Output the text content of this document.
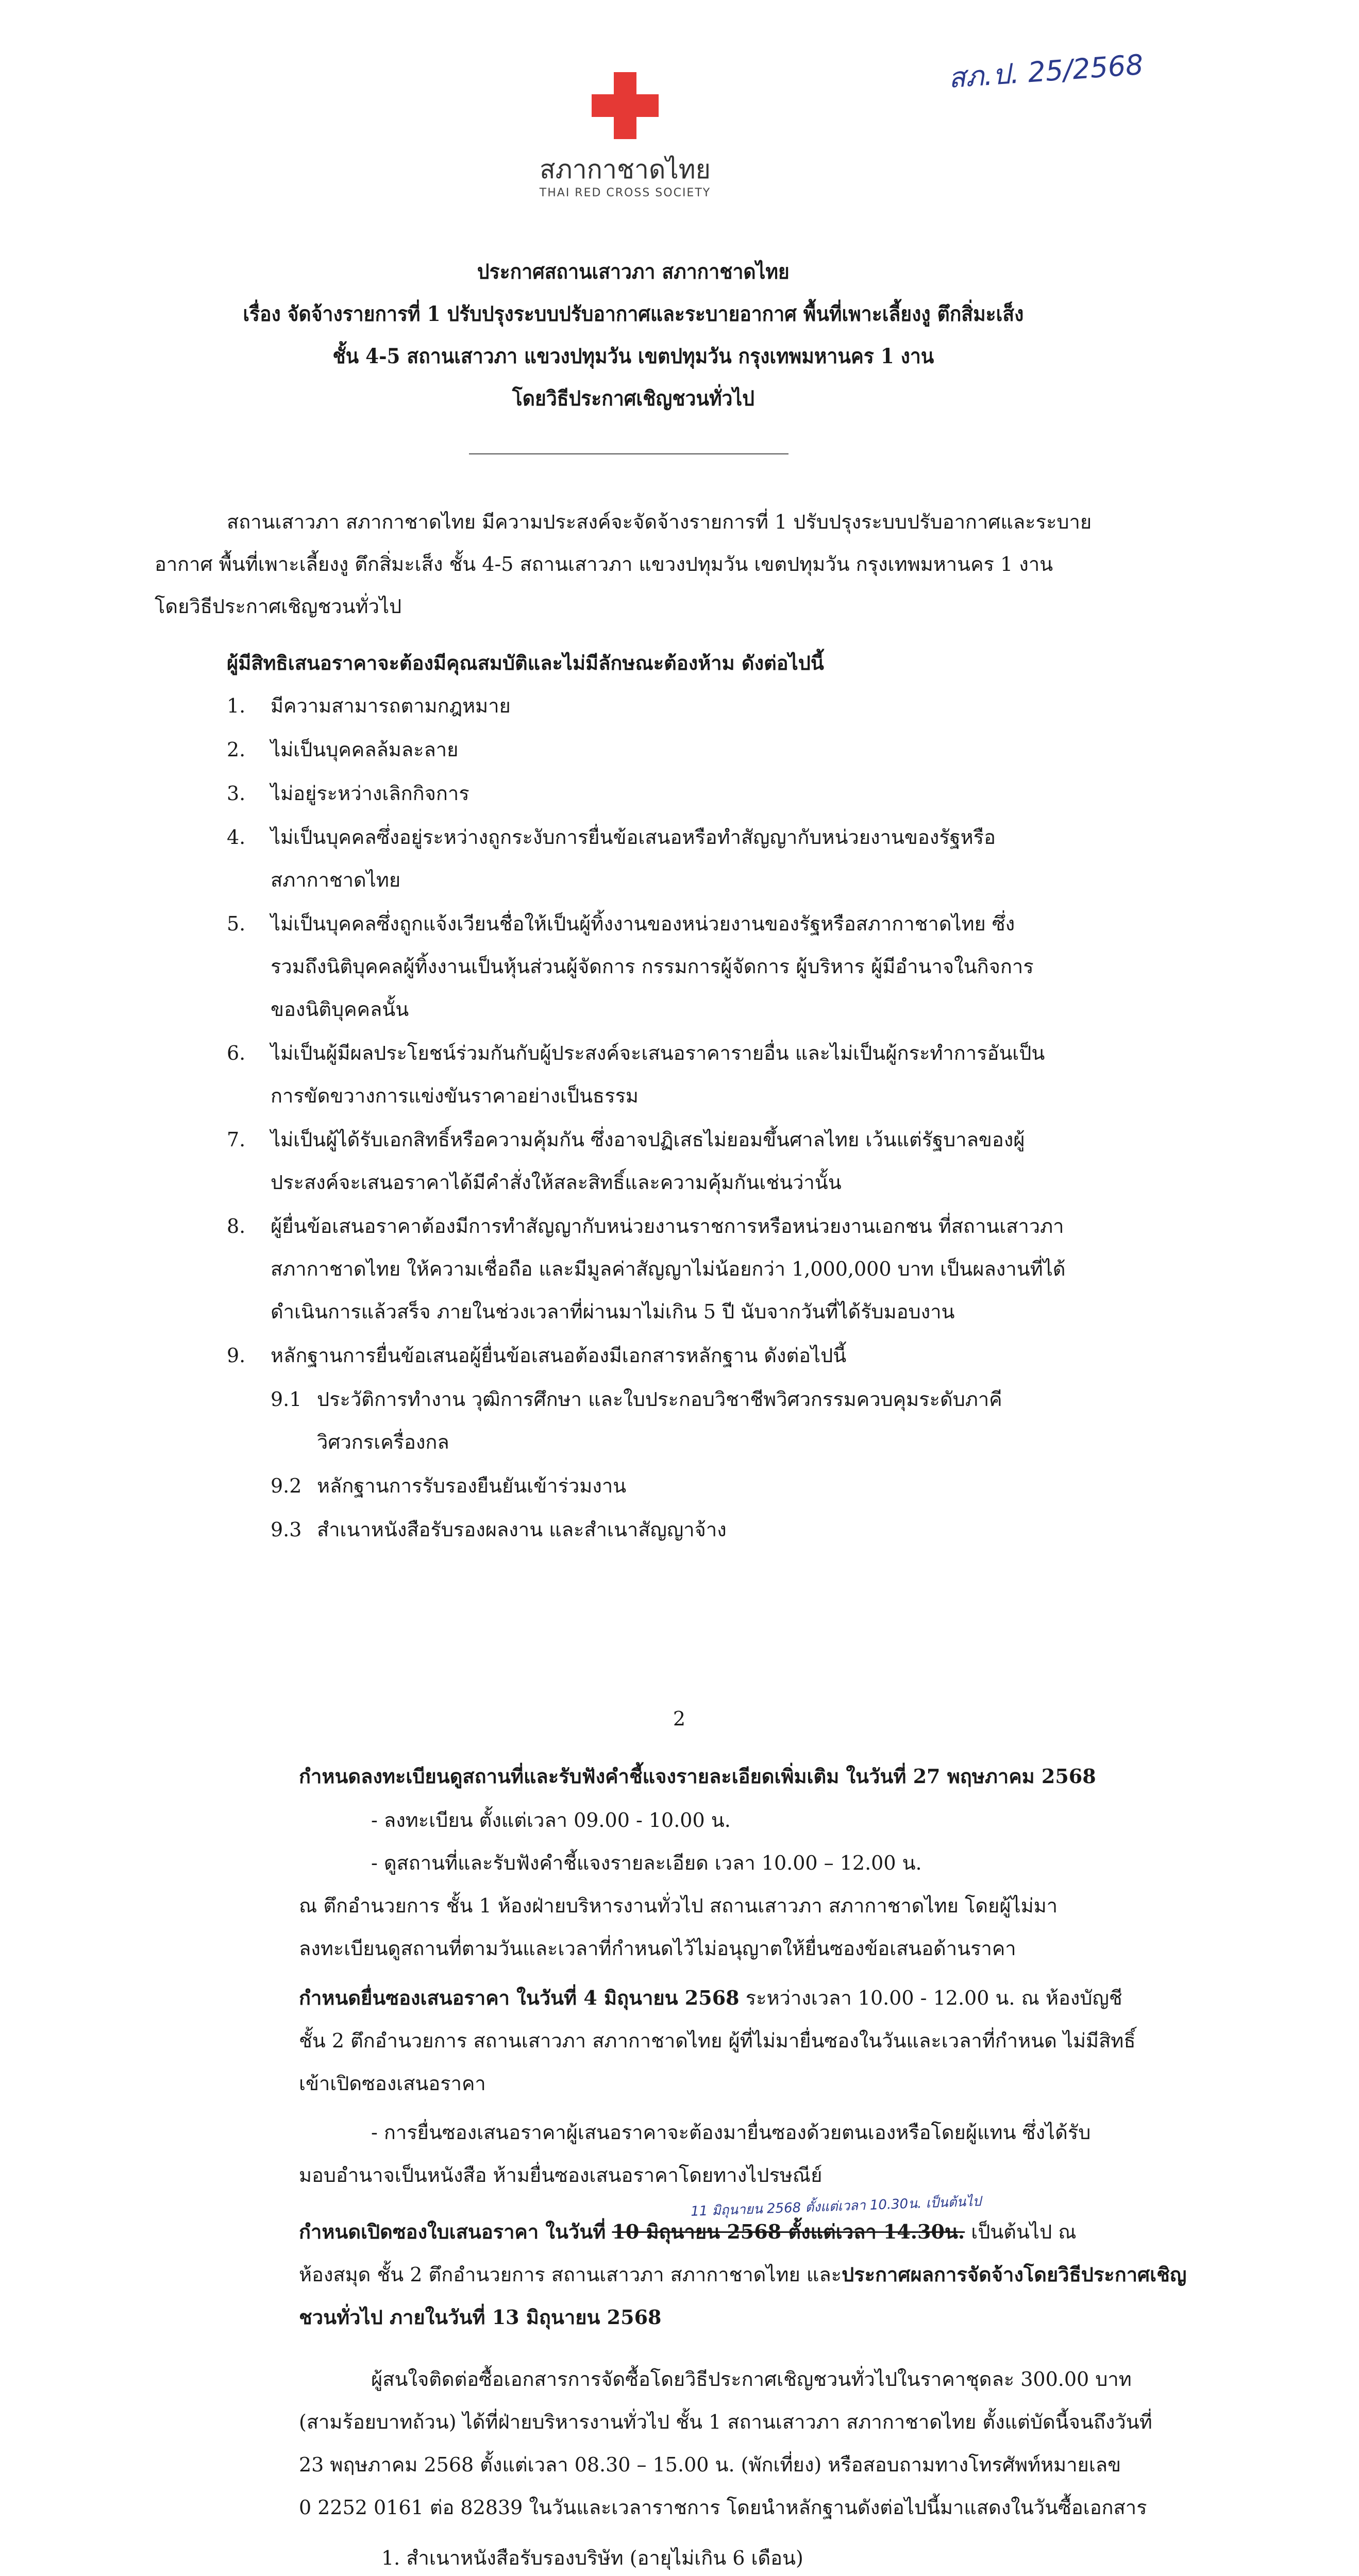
สภ.ป. 25/2568
สภากาชาดไทย
THAI RED CROSS SOCIETY
ประกาศสถานเสาวภา สภากาชาดไทย
เรื่อง จัดจ้างรายการที่ 1 ปรับปรุงระบบปรับอากาศและระบายอากาศ พื้นที่เพาะเลี้ยงงู ตึกสิ่มะเส็ง
ชั้น 4-5 สถานเสาวภา แขวงปทุมวัน เขตปทุมวัน กรุงเทพมหานคร 1 งาน
โดยวิธีประกาศเชิญชวนทั่วไป
สถานเสาวภา สภากาชาดไทย มีความประสงค์จะจัดจ้างรายการที่ 1 ปรับปรุงระบบปรับอากาศและระบาย
อากาศ พื้นที่เพาะเลี้ยงงู ตึกสิ่มะเส็ง ชั้น 4-5 สถานเสาวภา แขวงปทุมวัน เขตปทุมวัน กรุงเทพมหานคร 1 งาน
โดยวิธีประกาศเชิญชวนทั่วไป
ผู้มีสิทธิเสนอราคาจะต้องมีคุณสมบัติและไม่มีลักษณะต้องห้าม ดังต่อไปนี้
1. มีความสามารถตามกฎหมาย
2. ไม่เป็นบุคคลล้มละลาย
3. ไม่อยู่ระหว่างเลิกกิจการ
4. ไม่เป็นบุคคลซึ่งอยู่ระหว่างถูกระงับการยื่นข้อเสนอหรือทำสัญญากับหน่วยงานของรัฐหรือ
สภากาชาดไทย
5. ไม่เป็นบุคคลซึ่งถูกแจ้งเวียนชื่อให้เป็นผู้ทิ้งงานของหน่วยงานของรัฐหรือสภากาชาดไทย ซึ่ง
รวมถึงนิติบุคคลผู้ทิ้งงานเป็นหุ้นส่วนผู้จัดการ กรรมการผู้จัดการ ผู้บริหาร ผู้มีอำนาจในกิจการ
ของนิติบุคคลนั้น
6. ไม่เป็นผู้มีผลประโยชน์ร่วมกันกับผู้ประสงค์จะเสนอราคารายอื่น และไม่เป็นผู้กระทำการอันเป็น
การขัดขวางการแข่งขันราคาอย่างเป็นธรรม
7. ไม่เป็นผู้ได้รับเอกสิทธิ์หรือความคุ้มกัน ซึ่งอาจปฏิเสธไม่ยอมขึ้นศาลไทย เว้นแต่รัฐบาลของผู้
ประสงค์จะเสนอราคาได้มีคำสั่งให้สละสิทธิ์และความคุ้มกันเช่นว่านั้น
8. ผู้ยื่นข้อเสนอราคาต้องมีการทำสัญญากับหน่วยงานราชการหรือหน่วยงานเอกชน ที่สถานเสาวภา
สภากาชาดไทย ให้ความเชื่อถือ และมีมูลค่าสัญญาไม่น้อยกว่า 1,000,000 บาท เป็นผลงานที่ได้
ดำเนินการแล้วสร็จ ภายในช่วงเวลาที่ผ่านมาไม่เกิน 5 ปี นับจากวันที่ได้รับมอบงาน
9. หลักฐานการยื่นข้อเสนอผู้ยื่นข้อเสนอต้องมีเอกสารหลักฐาน ดังต่อไปนี้
9.1 ประวัติการทำงาน วุฒิการศึกษา และใบประกอบวิชาชีพวิศวกรรมควบคุมระดับภาคี
วิศวกรเครื่องกล
9.2 หลักฐานการรับรองยืนยันเข้าร่วมงาน
9.3 สำเนาหนังสือรับรองผลงาน และสำเนาสัญญาจ้าง
2
กำหนดลงทะเบียนดูสถานที่และรับฟังคำชี้แจงรายละเอียดเพิ่มเติม ในวันที่ 27 พฤษภาคม 2568
- ลงทะเบียน ตั้งแต่เวลา 09.00 - 10.00 น.
- ดูสถานที่และรับฟังคำชี้แจงรายละเอียด เวลา 10.00 – 12.00 น.
ณ ตึกอำนวยการ ชั้น 1 ห้องฝ่ายบริหารงานทั่วไป สถานเสาวภา สภากาชาดไทย โดยผู้ไม่มา
ลงทะเบียนดูสถานที่ตามวันและเวลาที่กำหนดไว้ไม่อนุญาตให้ยื่นซองข้อเสนอด้านราคา
กำหนดยื่นซองเสนอราคา ในวันที่ 4 มิถุนายน 2568 ระหว่างเวลา 10.00 - 12.00 น. ณ ห้องบัญชี
ชั้น 2 ตึกอำนวยการ สถานเสาวภา สภากาชาดไทย ผู้ที่ไม่มายื่นซองในวันและเวลาที่กำหนด ไม่มีสิทธิ์
เข้าเปิดซองเสนอราคา
- การยื่นซองเสนอราคาผู้เสนอราคาจะต้องมายื่นซองด้วยตนเองหรือโดยผู้แทน ซึ่งได้รับ
มอบอำนาจเป็นหนังสือ ห้ามยื่นซองเสนอราคาโดยทางไปรษณีย์
11 มิถุนายน 2568 ตั้งแต่เวลา 10.30น. เป็นต้นไป
กำหนดเปิดซองใบเสนอราคา ในวันที่ 10 มิถุนายน 2568 ตั้งแต่เวลา 14.30น. เป็นต้นไป ณ
ห้องสมุด ชั้น 2 ตึกอำนวยการ สถานเสาวภา สภากาชาดไทย และประกาศผลการจัดจ้างโดยวิธีประกาศเชิญ
ชวนทั่วไป ภายในวันที่ 13 มิถุนายน 2568
ผู้สนใจติดต่อซื้อเอกสารการจัดซื้อโดยวิธีประกาศเชิญชวนทั่วไปในราคาชุดละ 300.00 บาท
(สามร้อยบาทถ้วน) ได้ที่ฝ่ายบริหารงานทั่วไป ชั้น 1 สถานเสาวภา สภากาชาดไทย ตั้งแต่บัดนี้จนถึงวันที่
23 พฤษภาคม 2568 ตั้งแต่เวลา 08.30 – 15.00 น. (พักเที่ยง) หรือสอบถามทางโทรศัพท์หมายเลข
0 2252 0161 ต่อ 82839 ในวันและเวลาราชการ โดยนำหลักฐานดังต่อไปนี้มาแสดงในวันซื้อเอกสาร
1. สำเนาหนังสือรับรองบริษัท (อายุไม่เกิน 6 เดือน)
